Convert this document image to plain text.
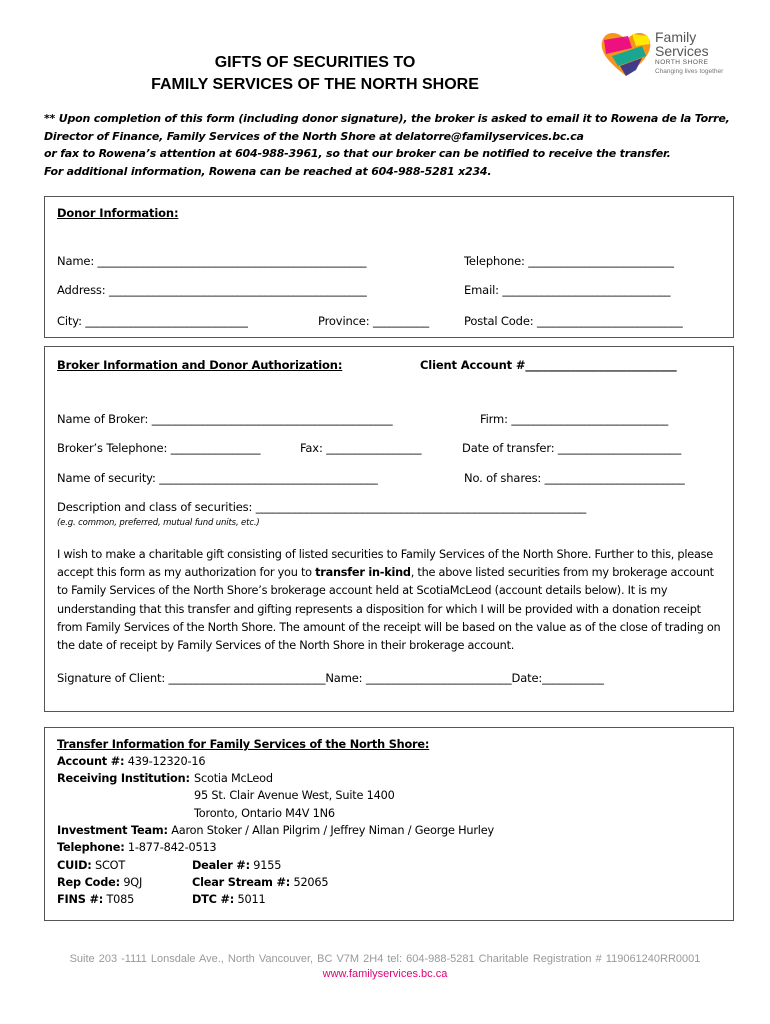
GIFTS OF SECURITIES TO
FAMILY SERVICES OF THE NORTH SHORE
Family
Services
NORTH SHORE
Changing lives together
** Upon completion of this form (including donor signature), the broker is asked to email it to Rowena de la Torre,
Director of Finance, Family Services of the North Shore at delatorre@familyservices.bc.ca
or fax to Rowena’s attention at 604-988-3961, so that our broker can be notified to receive the transfer.
For additional information, Rowena can be reached at 604-988-5281 x234.
Donor Information:
Name: ________________________________________________	Telephone: __________________________
Address: ______________________________________________	Email: ______________________________
City: _____________________________	Province: __________	Postal Code: __________________________
Broker Information and Donor Authorization:	Client Account #___________________________
Name of Broker: ___________________________________________	Firm: ____________________________
Broker’s Telephone: ________________	Fax: _________________	Date of transfer: ______________________
Name of security: _______________________________________	No. of shares: _________________________
Description and class of securities: ___________________________________________________________
(e.g. common, preferred, mutual fund units, etc.)
I wish to make a charitable gift consisting of listed securities to Family Services of the North Shore. Further to this, please accept this form as my authorization for you to transfer in-kind, the above listed securities from my brokerage account to Family Services of the North Shore’s brokerage account held at ScotiaMcLeod (account details below). It is my understanding that this transfer and gifting represents a disposition for which I will be provided with a donation receipt from Family Services of the North Shore. The amount of the receipt will be based on the value as of the close of trading on the date of receipt by Family Services of the North Shore in their brokerage account.
Signature of Client: ____________________________Name: __________________________Date:___________
Transfer Information for Family Services of the North Shore:
Account #: 439-12320-16
Receiving Institution: Scotia McLeod
95 St. Clair Avenue West, Suite 1400
Toronto, Ontario M4V 1N6
Investment Team: Aaron Stoker / Allan Pilgrim / Jeffrey Niman / George Hurley
Telephone: 1-877-842-0513
CUID: SCOT	Dealer #: 9155
Rep Code: 9QJ	Clear Stream #: 52065
FINS #: T085	DTC #: 5011
Suite 203 -1111 Lonsdale Ave., North Vancouver, BC V7M 2H4 tel: 604-988-5281 Charitable Registration # 119061240RR0001
www.familyservices.bc.ca
